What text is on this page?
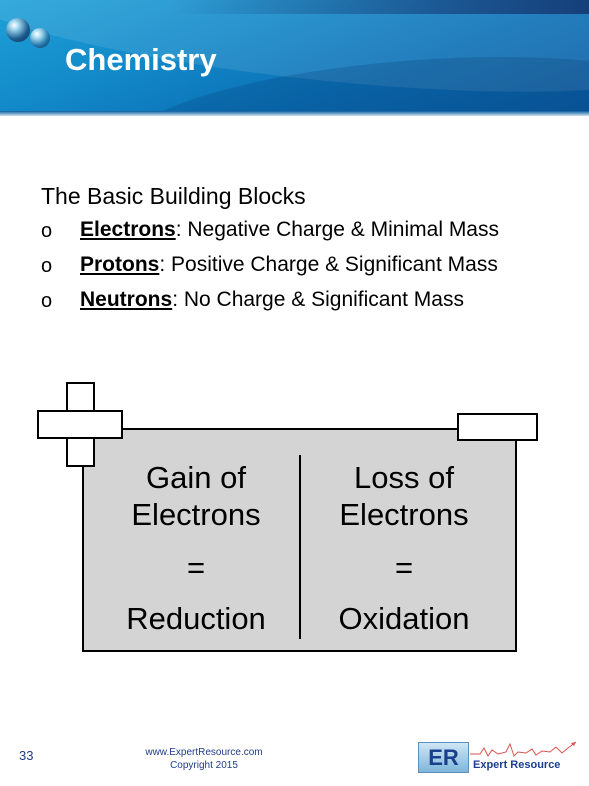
Chemistry
The Basic Building Blocks
o Electrons: Negative Charge & Minimal Mass
o Protons: Positive Charge & Significant Mass
o Neutrons: No Charge & Significant Mass
Gain of
Electrons
=
Reduction
Loss of
Electrons
=
Oxidation
33	www.ExpertResource.com
Copyright 2015	ER	Expert Resource
